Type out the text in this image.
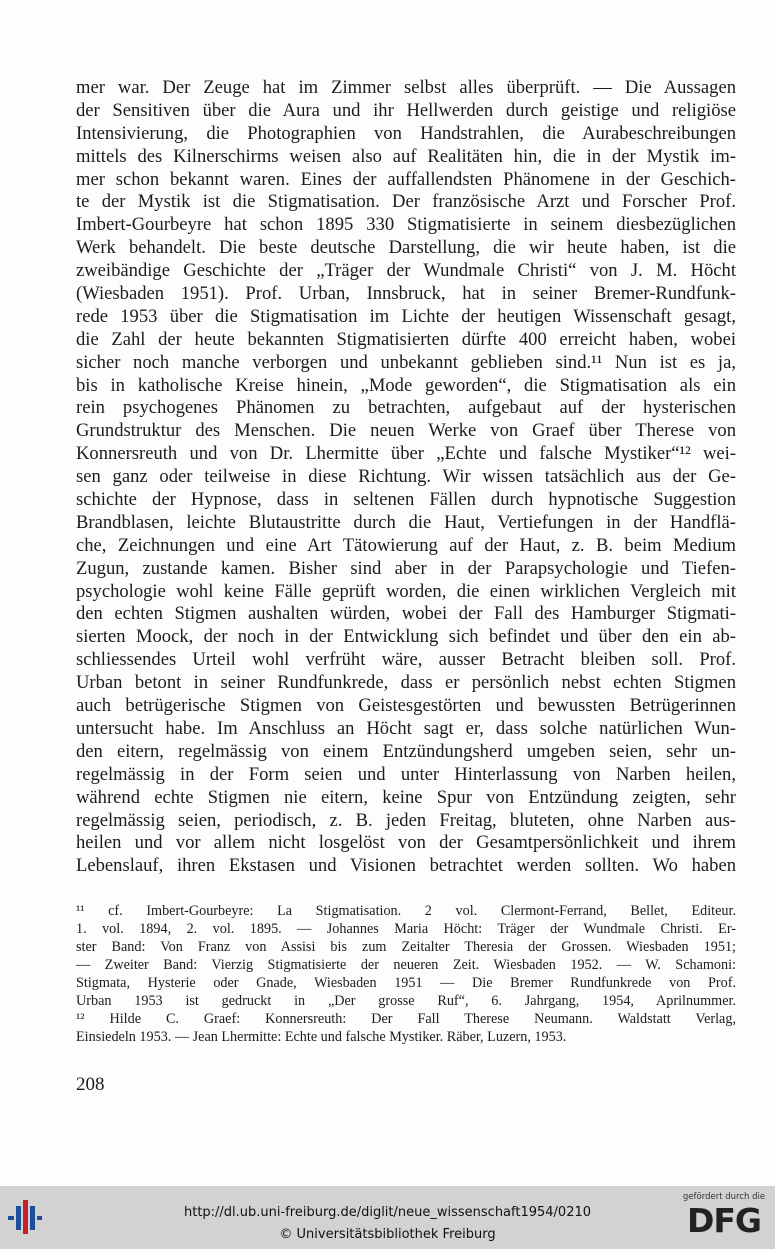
mer war. Der Zeuge hat im Zimmer selbst alles überprüft. — Die Aussagen
der Sensitiven über die Aura und ihr Hellwerden durch geistige und religiöse
Intensivierung, die Photographien von Handstrahlen, die Aurabeschreibungen
mittels des Kilnerschirms weisen also auf Realitäten hin, die in der Mystik im-
mer schon bekannt waren. Eines der auffallendsten Phänomene in der Geschich-
te der Mystik ist die Stigmatisation. Der französische Arzt und Forscher Prof.
Imbert-Gourbeyre hat schon 1895 330 Stigmatisierte in seinem diesbezüglichen
Werk behandelt. Die beste deutsche Darstellung, die wir heute haben, ist die
zweibändige Geschichte der „Träger der Wundmale Christi“ von J. M. Höcht
(Wiesbaden 1951). Prof. Urban, Innsbruck, hat in seiner Bremer-Rundfunk-
rede 1953 über die Stigmatisation im Lichte der heutigen Wissenschaft gesagt,
die Zahl der heute bekannten Stigmatisierten dürfte 400 erreicht haben, wobei
sicher noch manche verborgen und unbekannt geblieben sind.¹¹ Nun ist es ja,
bis in katholische Kreise hinein, „Mode geworden“, die Stigmatisation als ein
rein psychogenes Phänomen zu betrachten, aufgebaut auf der hysterischen
Grundstruktur des Menschen. Die neuen Werke von Graef über Therese von
Konnersreuth und von Dr. Lhermitte über „Echte und falsche Mystiker“¹² wei-
sen ganz oder teilweise in diese Richtung. Wir wissen tatsächlich aus der Ge-
schichte der Hypnose, dass in seltenen Fällen durch hypnotische Suggestion
Brandblasen, leichte Blutaustritte durch die Haut, Vertiefungen in der Handflä-
che, Zeichnungen und eine Art Tätowierung auf der Haut, z. B. beim Medium
Zugun, zustande kamen. Bisher sind aber in der Parapsychologie und Tiefen-
psychologie wohl keine Fälle geprüft worden, die einen wirklichen Vergleich mit
den echten Stigmen aushalten würden, wobei der Fall des Hamburger Stigmati-
sierten Moock, der noch in der Entwicklung sich befindet und über den ein ab-
schliessendes Urteil wohl verfrüht wäre, ausser Betracht bleiben soll. Prof.
Urban betont in seiner Rundfunkrede, dass er persönlich nebst echten Stigmen
auch betrügerische Stigmen von Geistesgestörten und bewussten Betrügerinnen
untersucht habe. Im Anschluss an Höcht sagt er, dass solche natürlichen Wun-
den eitern, regelmässig von einem Entzündungsherd umgeben seien, sehr un-
regelmässig in der Form seien und unter Hinterlassung von Narben heilen,
während echte Stigmen nie eitern, keine Spur von Entzündung zeigten, sehr
regelmässig seien, periodisch, z. B. jeden Freitag, bluteten, ohne Narben aus-
heilen und vor allem nicht losgelöst von der Gesamtpersönlichkeit und ihrem
Lebenslauf, ihren Ekstasen und Visionen betrachtet werden sollten. Wo haben
¹¹ cf. Imbert-Gourbeyre: La Stigmatisation. 2 vol. Clermont-Ferrand, Bellet, Editeur.
1. vol. 1894, 2. vol. 1895. — Johannes Maria Höcht: Träger der Wundmale Christi. Er-
ster Band: Von Franz von Assisi bis zum Zeitalter Theresia der Grossen. Wiesbaden 1951;
— Zweiter Band: Vierzig Stigmatisierte der neueren Zeit. Wiesbaden 1952. — W. Schamoni:
Stigmata, Hysterie oder Gnade, Wiesbaden 1951 — Die Bremer Rundfunkrede von Prof.
Urban 1953 ist gedruckt in „Der grosse Ruf“, 6. Jahrgang, 1954, Aprilnummer.
¹² Hilde C. Graef: Konnersreuth: Der Fall Therese Neumann. Waldstatt Verlag,
Einsiedeln 1953. — Jean Lhermitte: Echte und falsche Mystiker. Räber, Luzern, 1953.
208
http://dl.ub.uni-freiburg.de/diglit/neue_wissenschaft1954/0210
© Universitätsbibliothek Freiburg
gefördert durch die
DFG
